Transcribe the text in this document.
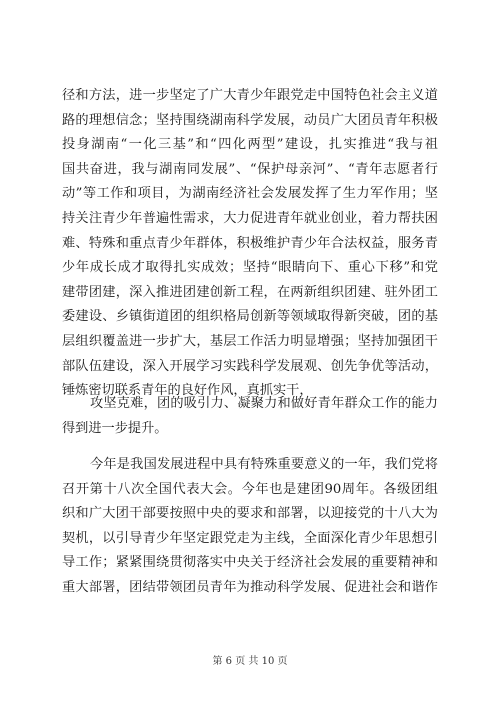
径和方法，进一步坚定了广大青少年跟党走中国特色社会主义道
路的理想信念；坚持围绕湖南科学发展，动员广大团员青年积极
投身湖南“一化三基”和“四化两型”建设，扎实推进“我与祖
国共奋进，我与湖南同发展”、“保护母亲河”、“青年志愿者行
动”等工作和项目，为湖南经济社会发展发挥了生力军作用；坚
持关注青少年普遍性需求，大力促进青年就业创业，着力帮扶困
难、特殊和重点青少年群体，积极维护青少年合法权益，服务青
少年成长成才取得扎实成效；坚持“眼睛向下、重心下移”和党
建带团建，深入推进团建创新工程，在两新组织团建、驻外团工
委建设、乡镇街道团的组织格局创新等领域取得新突破，团的基
层组织覆盖进一步扩大，基层工作活力明显增强；坚持加强团干
部队伍建设，深入开展学习实践科学发展观、创先争优等活动，
锤炼密切联系青年的良好作风，真抓实干，
攻坚克难，团的吸引力、凝聚力和做好青年群众工作的能力
得到进一步提升。
今年是我国发展进程中具有特殊重要意义的一年，我们党将
召开第十八次全国代表大会。今年也是建团90周年。各级团组
织和广大团干部要按照中央的要求和部署，以迎接党的十八大为
契机，以引导青少年坚定跟党走为主线，全面深化青少年思想引
导工作；紧紧围绕贯彻落实中央关于经济社会发展的重要精神和
重大部署，团结带领团员青年为推动科学发展、促进社会和谐作
第 6 页 共 10 页
